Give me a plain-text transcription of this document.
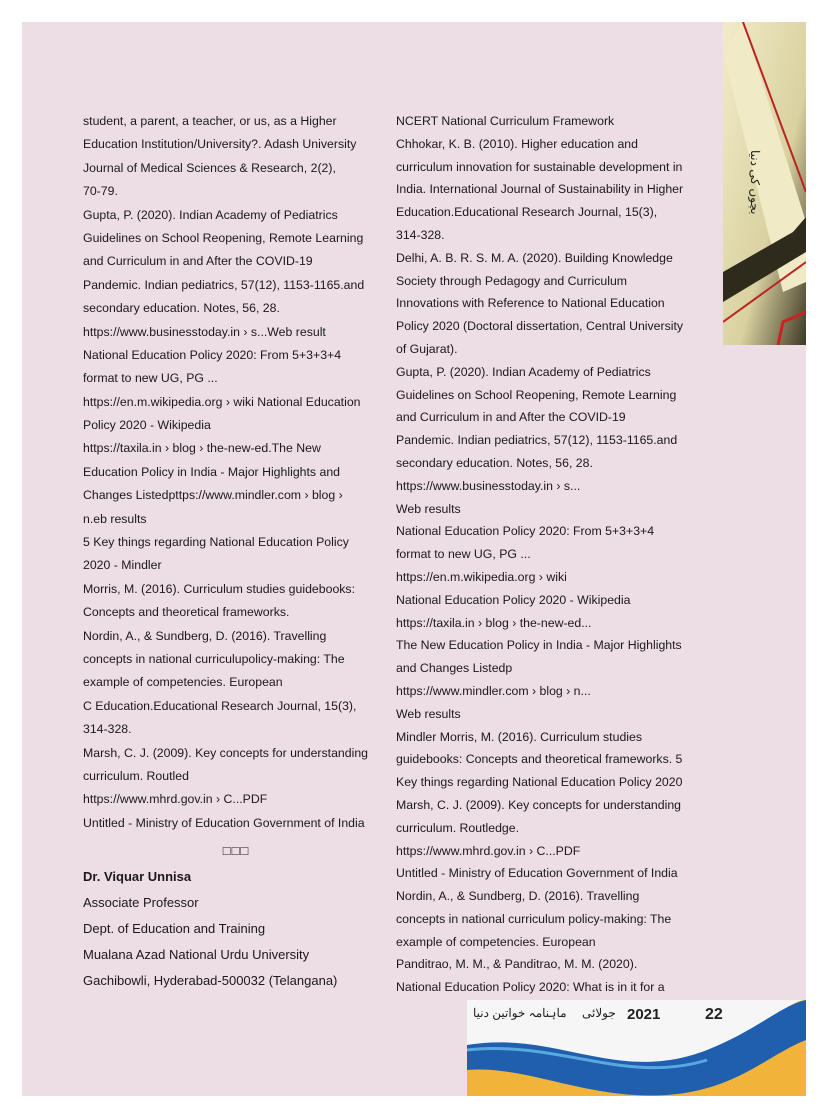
بچوں کی دنیا
student, a parent, a teacher, or us, as a Higher
Education Institution/University?. Adash University
Journal of Medical Sciences & Research, 2(2),
70-79.
Gupta, P. (2020). Indian Academy of Pediatrics
Guidelines on School Reopening, Remote Learning
and Curriculum in and After the COVID-19
Pandemic. Indian pediatrics, 57(12), 1153-1165.and
secondary education. Notes, 56, 28.
https://www.businesstoday.in › s...Web result
National Education Policy 2020: From 5+3+3+4
format to new UG, PG ...
https://en.m.wikipedia.org › wiki National Education
Policy 2020 - Wikipedia
https://taxila.in › blog › the-new-ed.The New
Education Policy in India - Major Highlights and
Changes Listedpttps://www.mindler.com › blog ›
n.eb results
5 Key things regarding National Education Policy
2020 - Mindler
Morris, M. (2016). Curriculum studies guidebooks:
Concepts and theoretical frameworks.
Nordin, A., & Sundberg, D. (2016). Travelling
concepts in national curriculupolicy-making: The
example of competencies. European
C Education.Educational Research Journal, 15(3),
314-328.
Marsh, C. J. (2009). Key concepts for understanding
curriculum. Routled
https://www.mhrd.gov.in › C...PDF
Untitled - Ministry of Education Government of India
□□□
Dr. Viquar Unnisa
Associate Professor
Dept. of Education and Training
Mualana Azad National Urdu University
Gachibowli, Hyderabad-500032 (Telangana)
NCERT National Curriculum Framework
Chhokar, K. B. (2010). Higher education and
curriculum innovation for sustainable development in
India. International Journal of Sustainability in Higher
Education.Educational Research Journal, 15(3),
314-328.
Delhi, A. B. R. S. M. A. (2020). Building Knowledge
Society through Pedagogy and Curriculum
Innovations with Reference to National Education
Policy 2020 (Doctoral dissertation, Central University
of Gujarat).
Gupta, P. (2020). Indian Academy of Pediatrics
Guidelines on School Reopening, Remote Learning
and Curriculum in and After the COVID-19
Pandemic. Indian pediatrics, 57(12), 1153-1165.and
secondary education. Notes, 56, 28.
https://www.businesstoday.in › s...
Web results
National Education Policy 2020: From 5+3+3+4
format to new UG, PG ...
https://en.m.wikipedia.org › wiki
National Education Policy 2020 - Wikipedia
https://taxila.in › blog › the-new-ed...
The New Education Policy in India - Major Highlights
and Changes Listedp
https://www.mindler.com › blog › n...
Web results
Mindler Morris, M. (2016). Curriculum studies
guidebooks: Concepts and theoretical frameworks. 5
Key things regarding National Education Policy 2020
Marsh, C. J. (2009). Key concepts for understanding
curriculum. Routledge.
https://www.mhrd.gov.in › C...PDF
Untitled - Ministry of Education Government of India
Nordin, A., & Sundberg, D. (2016). Travelling
concepts in national curriculum policy-making: The
example of competencies. European
Panditrao, M. M., & Panditrao, M. M. (2020).
National Education Policy 2020: What is in it for a
ماہنامہ خواتین دنیا جولائی 2021	22
